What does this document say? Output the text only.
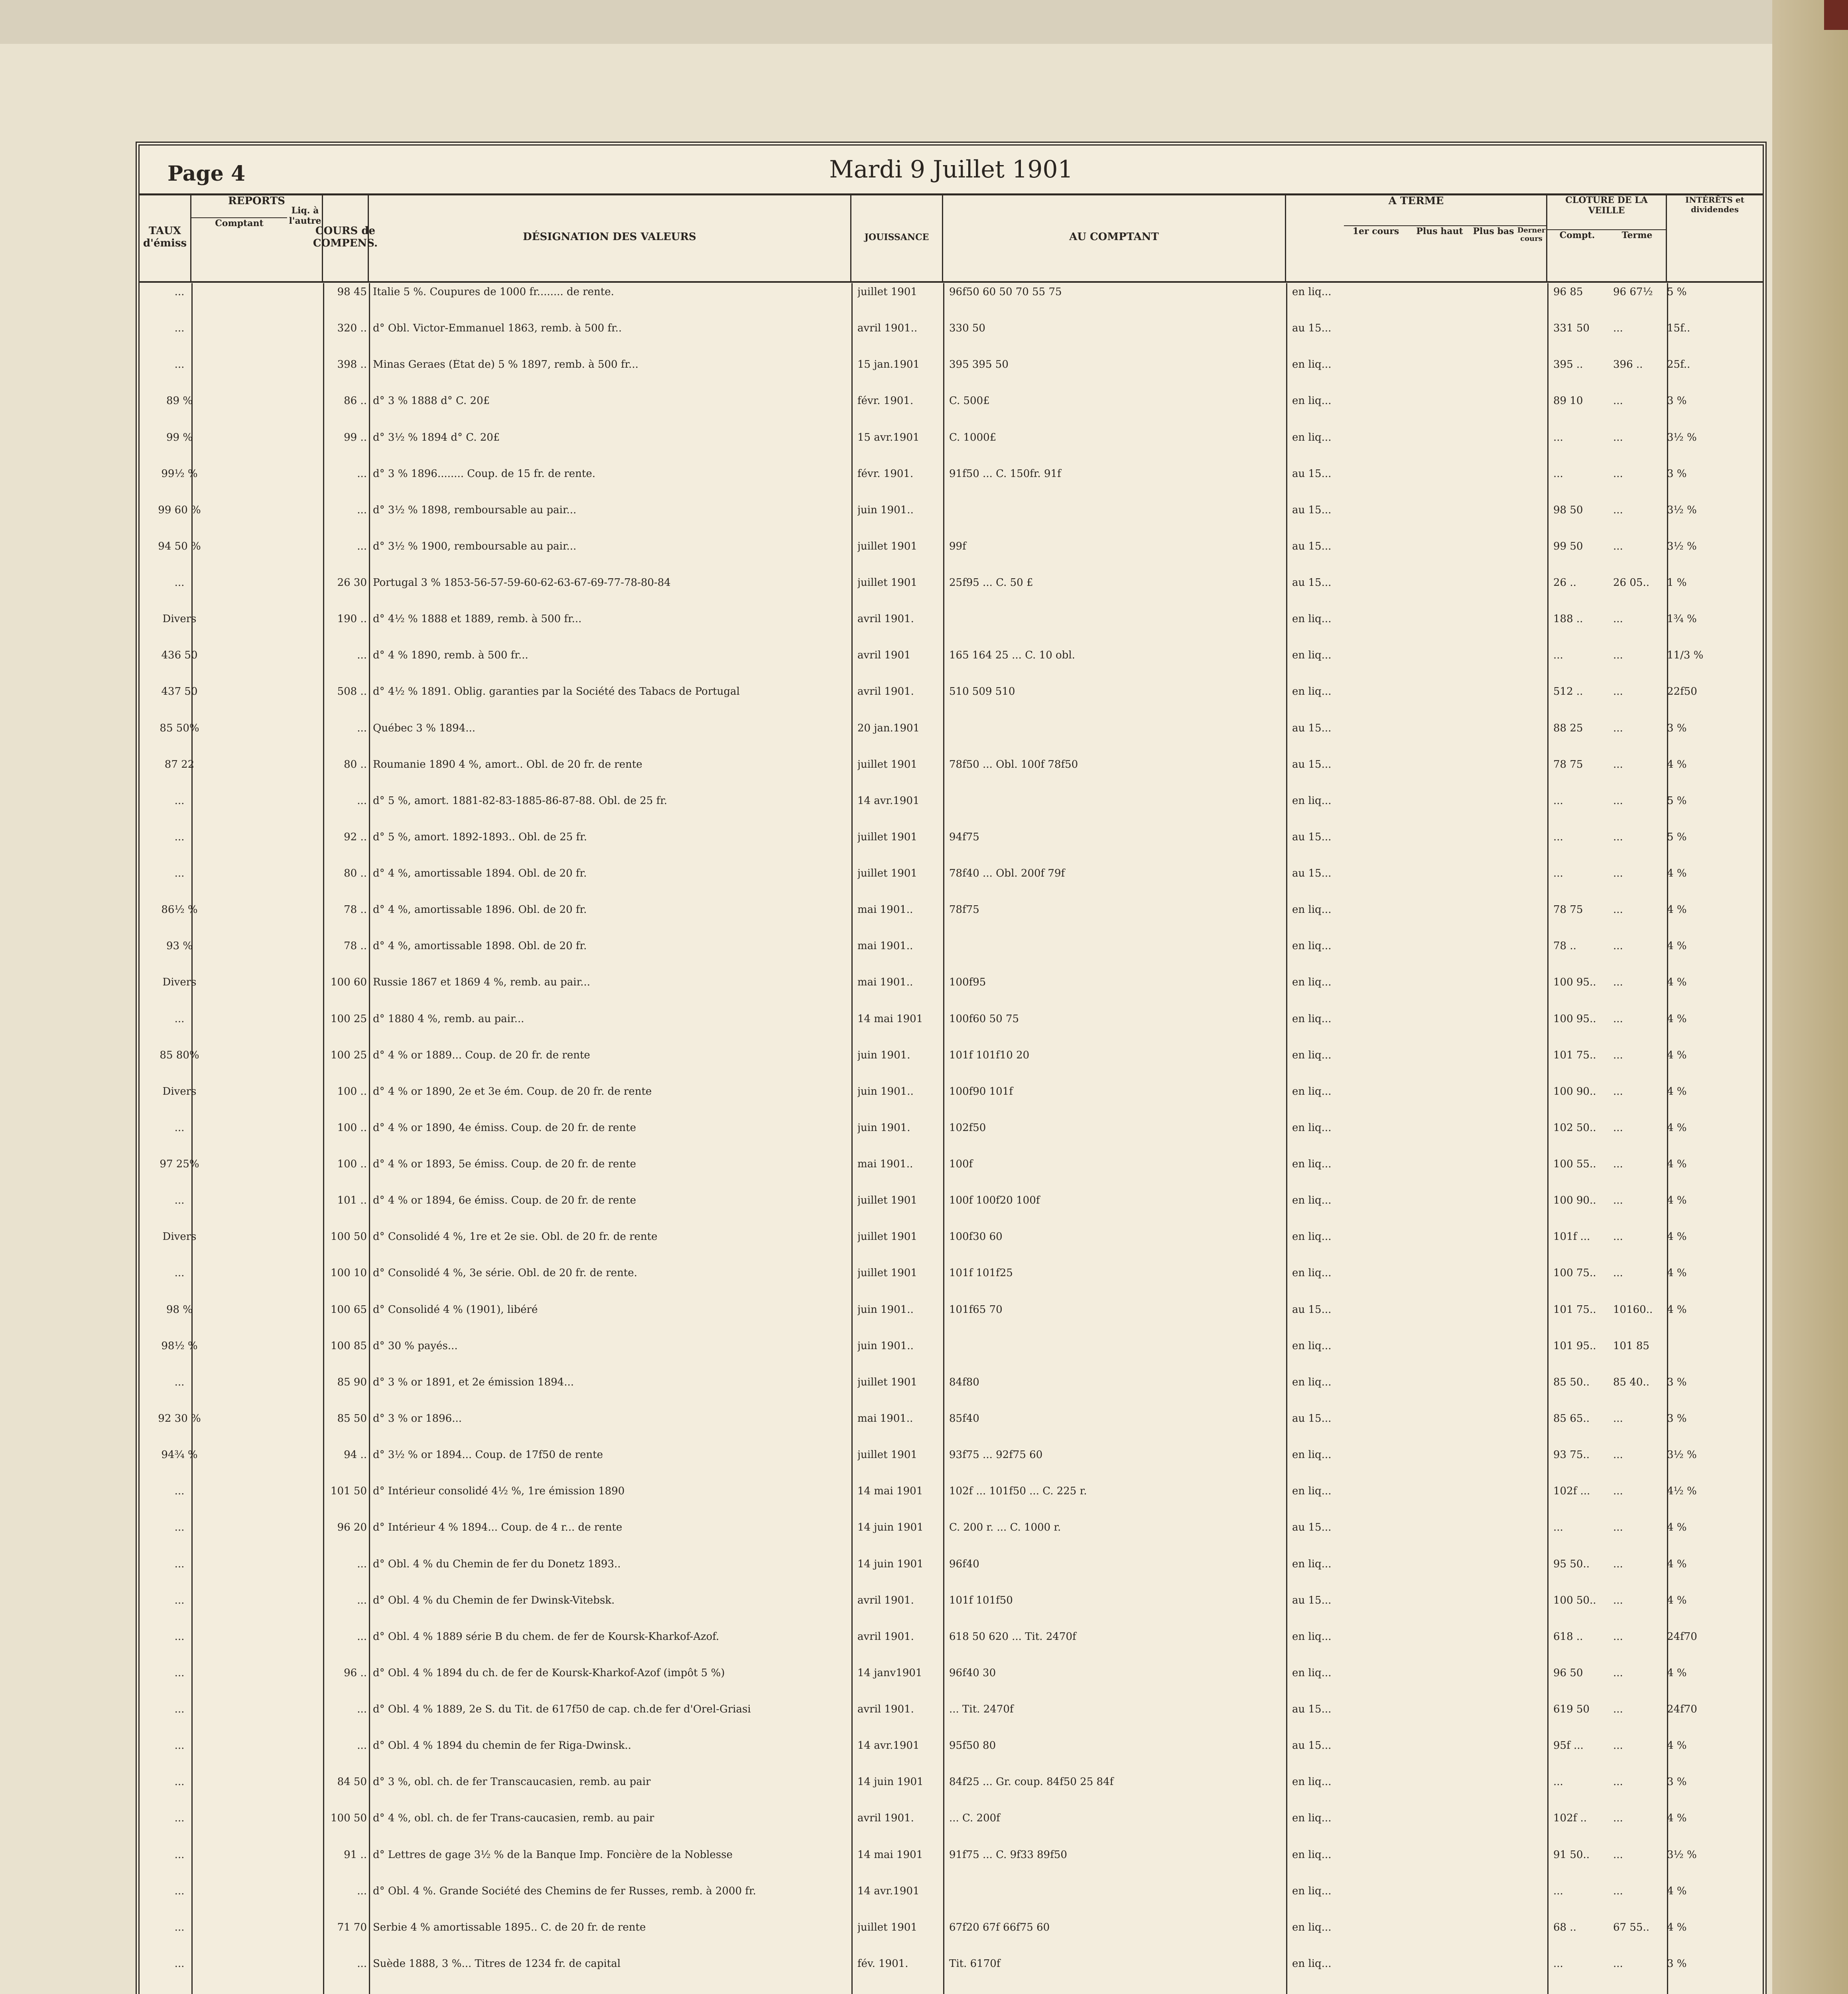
Page 4	Mardi 9 Juillet 1901
TAUX d'émiss
REPORTS
Comptant
Liq. à l'autre
COURS de COMPENS.
DÉSIGNATION DES VALEURS	JOUISSANCE	AU COMPTANT
A TERME
1er cours	Plus haut	Plus bas Derner cours
CLOTURE DE LA VEILLE
Compt.	Terme
INTÉRÊTS et dividendes
...	98 45 Italie 5 %. Coupures de 1000 fr........ de rente.	juillet 1901	96f50 60 50 70 55 75	en liq...	96 85	96 67½	5 %
...	320 .. d° Obl. Victor-Emmanuel 1863, remb. à 500 fr..	avril 1901..	330 50	au 15...	331 50	...	15f..
...	398 .. Minas Geraes (État de) 5 % 1897, remb. à 500 fr...	15 jan.1901	395 395 50	en liq...	395 ..	396 ..	25f..
89 %	86 .. d° 3 % 1888 d° C. 20£	févr. 1901.	C. 500£	en liq...	89 10	...	3 %
99 %	99 .. d° 3½ % 1894 d° C. 20£	15 avr.1901	C. 1000£	en liq...	...	...	3½ %
99½ %	... d° 3 % 1896........ Coup. de 15 fr. de rente.	févr. 1901.	91f50 ... C. 150fr. 91f	au 15...	...	...	3 %
99 60 %	... d° 3½ % 1898, remboursable au pair...	juin 1901..	au 15...	98 50	...	3½ %
94 50 %	... d° 3½ % 1900, remboursable au pair...	juillet 1901	99f	au 15...	99 50	...	3½ %
...	26 30 Portugal 3 % 1853-56-57-59-60-62-63-67-69-77-78-80-84	juillet 1901	25f95 ... C. 50 £	au 15...	26 ..	26 05..	1 %
Divers	190 .. d° 4½ % 1888 et 1889, remb. à 500 fr...	avril 1901.	en liq...	188 ..	...	1¾ %
436 50	... d° 4 % 1890, remb. à 500 fr...	avril 1901	165 164 25 ... C. 10 obl.	en liq...	...	...	11/3 %
437 50	508 .. d° 4½ % 1891. Oblig. garanties par la Société des Tabacs de Portugal	avril 1901.	510 509 510	en liq...	512 ..	...	22f50
85 50%	... Québec 3 % 1894...	20 jan.1901	au 15...	88 25	...	3 %
87 22	80 .. Roumanie 1890 4 %, amort.. Obl. de 20 fr. de rente	juillet 1901	78f50 ... Obl. 100f 78f50	au 15...	78 75	...	4 %
...	... d° 5 %, amort. 1881-82-83-1885-86-87-88. Obl. de 25 fr.	14 avr.1901	en liq...	...	...	5 %
...	92 .. d° 5 %, amort. 1892-1893.. Obl. de 25 fr.	juillet 1901	94f75	au 15...	...	...	5 %
...	80 .. d° 4 %, amortissable 1894. Obl. de 20 fr.	juillet 1901	78f40 ... Obl. 200f 79f	au 15...	...	...	4 %
86½ %	78 .. d° 4 %, amortissable 1896. Obl. de 20 fr.	mai 1901..	78f75	en liq...	78 75	...	4 %
93 %	78 .. d° 4 %, amortissable 1898. Obl. de 20 fr.	mai 1901..	en liq...	78 ..	...	4 %
Divers	100 60 Russie 1867 et 1869 4 %, remb. au pair...	mai 1901..	100f95	en liq...	100 95..	...	4 %
...	100 25 d° 1880 4 %, remb. au pair...	14 mai 1901	100f60 50 75	en liq...	100 95..	...	4 %
85 80%	100 25 d° 4 % or 1889... Coup. de 20 fr. de rente	juin 1901.	101f 101f10 20	en liq...	101 75..	...	4 %
Divers	100 .. d° 4 % or 1890, 2e et 3e ém. Coup. de 20 fr. de rente	juin 1901..	100f90 101f	en liq...	100 90..	...	4 %
...	100 .. d° 4 % or 1890, 4e émiss. Coup. de 20 fr. de rente	juin 1901.	102f50	en liq...	102 50..	...	4 %
97 25%	100 .. d° 4 % or 1893, 5e émiss. Coup. de 20 fr. de rente	mai 1901..	100f	en liq...	100 55..	...	4 %
...	101 .. d° 4 % or 1894, 6e émiss. Coup. de 20 fr. de rente	juillet 1901	100f 100f20 100f	en liq...	100 90..	...	4 %
Divers	100 50 d° Consolidé 4 %, 1re et 2e sie. Obl. de 20 fr. de rente	juillet 1901	100f30 60	en liq...	101f ...	...	4 %
...	100 10 d° Consolidé 4 %, 3e série. Obl. de 20 fr. de rente.	juillet 1901	101f 101f25	en liq...	100 75..	...	4 %
98 %	100 65 d° Consolidé 4 % (1901), libéré	juin 1901..	101f65 70	au 15...	101 75..	10160..	4 %
98½ %	100 85 d° 30 % payés...	juin 1901..	en liq...	101 95..	101 85
...	85 90 d° 3 % or 1891, et 2e émission 1894...	juillet 1901	84f80	en liq...	85 50..	85 40..	3 %
92 30 %	85 50 d° 3 % or 1896...	mai 1901..	85f40	au 15...	85 65..	...	3 %
94¾ %	94 .. d° 3½ % or 1894... Coup. de 17f50 de rente	juillet 1901	93f75 ... 92f75 60	en liq...	93 75..	...	3½ %
...	101 50 d° Intérieur consolidé 4½ %, 1re émission 1890	14 mai 1901	102f ... 101f50 ... C. 225 r.	en liq...	102f ...	...	4½ %
...	96 20 d° Intérieur 4 % 1894... Coup. de 4 r... de rente	14 juin 1901	C. 200 r. ... C. 1000 r.	au 15...	...	...	4 %
...	... d° Obl. 4 % du Chemin de fer du Donetz 1893..	14 juin 1901	96f40	en liq...	95 50..	...	4 %
...	... d° Obl. 4 % du Chemin de fer Dwinsk-Vitebsk.	avril 1901.	101f 101f50	au 15...	100 50..	...	4 %
...	... d° Obl. 4 % 1889 série B du chem. de fer de Koursk-Kharkof-Azof.	avril 1901.	618 50 620 ... Tit. 2470f	en liq...	618 ..	...	24f70
...	96 .. d° Obl. 4 % 1894 du ch. de fer de Koursk-Kharkof-Azof (impôt 5 %)	14 janv1901	96f40 30	en liq...	96 50	...	4 %
...	... d° Obl. 4 % 1889, 2e S. du Tit. de 617f50 de cap. ch.de fer d'Orel-Griasi	avril 1901.	... Tit. 2470f	au 15...	619 50	...	24f70
...	... d° Obl. 4 % 1894 du chemin de fer Riga-Dwinsk..	14 avr.1901	95f50 80	au 15...	95f ...	...	4 %
...	84 50 d° 3 %, obl. ch. de fer Transcaucasien, remb. au pair	14 juin 1901	84f25 ... Gr. coup. 84f50 25 84f	en liq...	...	...	3 %
...	100 50 d° 4 %, obl. ch. de fer Trans-caucasien, remb. au pair	avril 1901.	... C. 200f	en liq...	102f ..	...	4 %
...	91 .. d° Lettres de gage 3½ % de la Banque Imp. Foncière de la Noblesse	14 mai 1901	91f75 ... C. 9f33 89f50	en liq...	91 50..	...	3½ %
...	... d° Obl. 4 %. Grande Société des Chemins de fer Russes, remb. à 2000 fr.	14 avr.1901	en liq...	...	...	4 %
...	71 70 Serbie 4 % amortissable 1895.. C. de 20 fr. de rente	juillet 1901	67f20 67f 66f75 60	en liq...	68 ..	67 55..	4 %
...	... Suède 1888, 3 %... Titres de 1234 fr. de capital	fév. 1901.	Tit. 6170f	en liq...	...	...	3 %
